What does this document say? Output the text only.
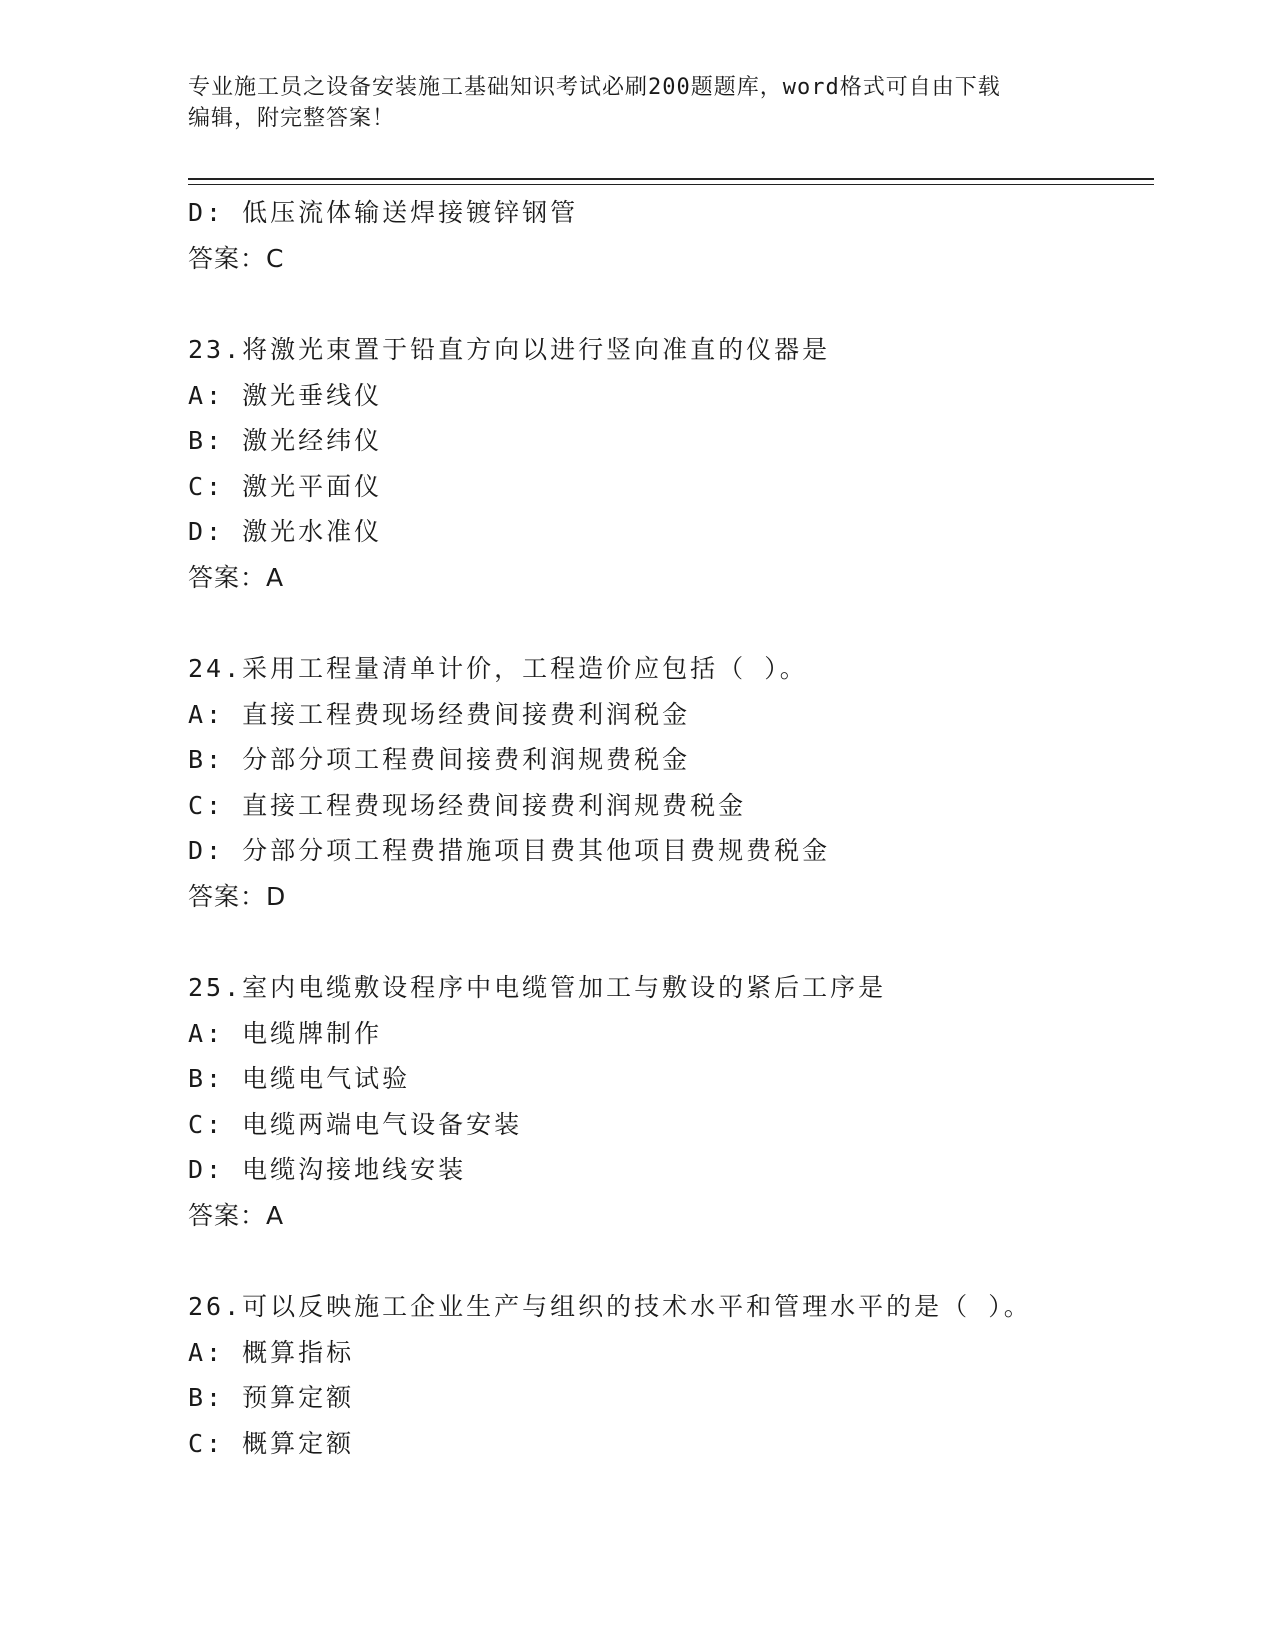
专业施工员之设备安装施工基础知识考试必刷200题题库，word格式可自由下载
编辑，附完整答案！
D: 低压流体输送焊接镀锌钢管
答案：C
23.将激光束置于铅直方向以进行竖向准直的仪器是
A: 激光垂线仪
B: 激光经纬仪
C: 激光平面仪
D: 激光水准仪
答案：A
24.采用工程量清单计价，工程造价应包括（ ）。
A: 直接工程费现场经费间接费利润税金
B: 分部分项工程费间接费利润规费税金
C: 直接工程费现场经费间接费利润规费税金
D: 分部分项工程费措施项目费其他项目费规费税金
答案：D
25.室内电缆敷设程序中电缆管加工与敷设的紧后工序是
A: 电缆牌制作
B: 电缆电气试验
C: 电缆两端电气设备安装
D: 电缆沟接地线安装
答案：A
26.可以反映施工企业生产与组织的技术水平和管理水平的是（ ）。
A: 概算指标
B: 预算定额
C: 概算定额
